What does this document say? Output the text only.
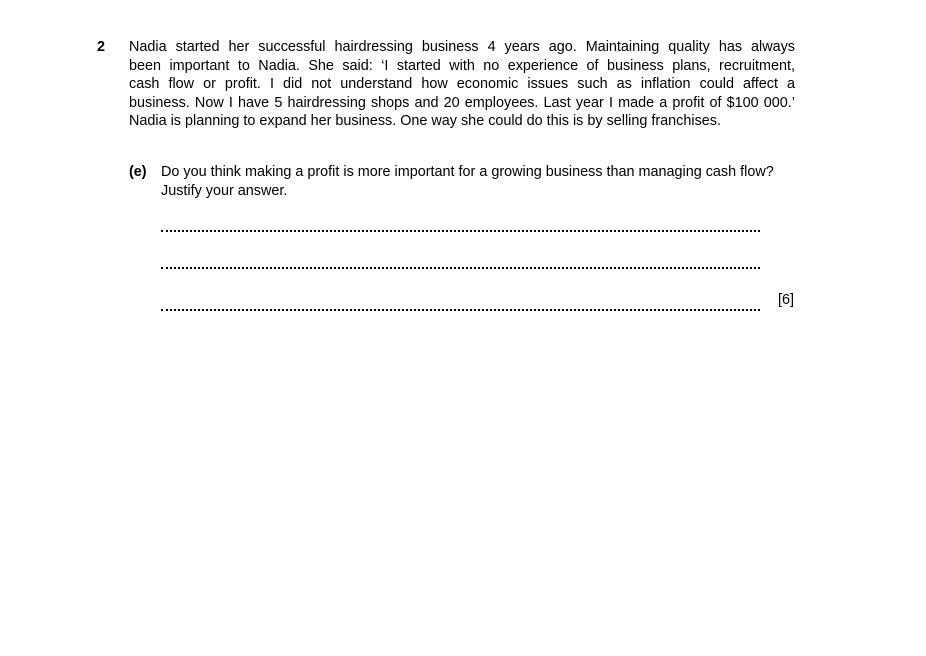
2 Nadia started her successful hairdressing business 4 years ago. Maintaining quality has always

been important to Nadia. She said: ‘I started with no experience of business plans, recruitment,

cash flow or profit. I did not understand how economic issues such as inflation could affect a

business. Now I have 5 hairdressing shops and 20 employees. Last year I made a profit of $100 000.’

Nadia is planning to expand her business. One way she could do this is by selling franchises.

(e) Do you think making a profit is more important for a growing business than managing cash flow? Justify your answer.
[6]
